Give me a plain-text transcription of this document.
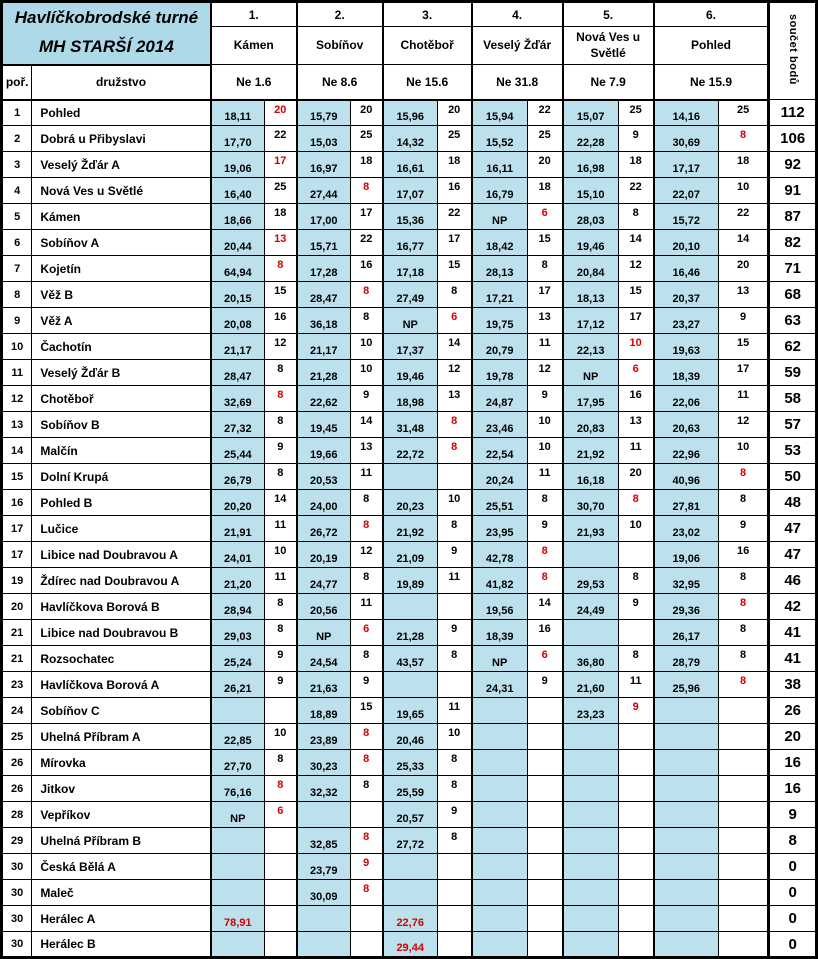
Havlíčkobrodské turné
MH STARŠÍ 2014		1.		2.		3.		4.		5.		6.		součet bodů
		Kámen		Sobíňov		Chotěboř		Veselý Žďár		Nová Ves u Světlé		Pohled		
poř.	družstvo	Ne 1.6		Ne 8.6		Ne 15.6		Ne 31.8		Ne 7.9		Ne 15.9		
1	Pohled	18,11	20	15,79	20	15,96	20	15,94	22	15,07	25	14,16	25	112
2	Dobrá u Přibyslavi	17,70	22	15,03	25	14,32	25	15,52	25	22,28	9	30,69	8	106
3	Veselý Žďár A	19,06	17	16,97	18	16,61	18	16,11	20	16,98	18	17,17	18	92
4	Nová Ves u Světlé	16,40	25	27,44	8	17,07	16	16,79	18	15,10	22	22,07	10	91
5	Kámen	18,66	18	17,00	17	15,36	22	NP	6	28,03	8	15,72	22	87
6	Sobíňov A	20,44	13	15,71	22	16,77	17	18,42	15	19,46	14	20,10	14	82
7	Kojetín	64,94	8	17,28	16	17,18	15	28,13	8	20,84	12	16,46	20	71
8	Věž B	20,15	15	28,47	8	27,49	8	17,21	17	18,13	15	20,37	13	68
9	Věž A	20,08	16	36,18	8	NP	6	19,75	13	17,12	17	23,27	9	63
10	Čachotín	21,17	12	21,17	10	17,37	14	20,79	11	22,13	10	19,63	15	62
11	Veselý Žďár B	28,47	8	21,28	10	19,46	12	19,78	12	NP	6	18,39	17	59
12	Chotěboř	32,69	8	22,62	9	18,98	13	24,87	9	17,95	16	22,06	11	58
13	Sobíňov B	27,32	8	19,45	14	31,48	8	23,46	10	20,83	13	20,63	12	57
14	Malčín	25,44	9	19,66	13	22,72	8	22,54	10	21,92	11	22,96	10	53
15	Dolní Krupá	26,79	8	20,53	11			20,24	11	16,18	20	40,96	8	50
16	Pohled B	20,20	14	24,00	8	20,23	10	25,51	8	30,70	8	27,81	8	48
17	Lučice	21,91	11	26,72	8	21,92	8	23,95	9	21,93	10	23,02	9	47
17	Libice nad Doubravou A	24,01	10	20,19	12	21,09	9	42,78	8			19,06	16	47
19	Ždírec nad Doubravou A	21,20	11	24,77	8	19,89	11	41,82	8	29,53	8	32,95	8	46
20	Havlíčkova Borová B	28,94	8	20,56	11			19,56	14	24,49	9	29,36	8	42
21	Libice nad Doubravou B	29,03	8	NP	6	21,28	9	18,39	16			26,17	8	41
21	Rozsochatec	25,24	9	24,54	8	43,57	8	NP	6	36,80	8	28,79	8	41
23	Havlíčkova Borová A	26,21	9	21,63	9			24,31	9	21,60	11	25,96	8	38
24	Sobíňov C			18,89	15	19,65	11			23,23	9			26
25	Uhelná Příbram A	22,85	10	23,89	8	20,46	10							20
26	Mírovka	27,70	8	30,23	8	25,33	8							16
26	Jitkov	76,16	8	32,32	8	25,59	8							16
28	Vepříkov	NP	6			20,57	9							9
29	Uhelná Příbram B			32,85	8	27,72	8							8
30	Česká Bělá A			23,79	9									0
30	Maleč			30,09	8									0
30	Herálec A	78,91				22,76								0
30	Herálec B					29,44								0
